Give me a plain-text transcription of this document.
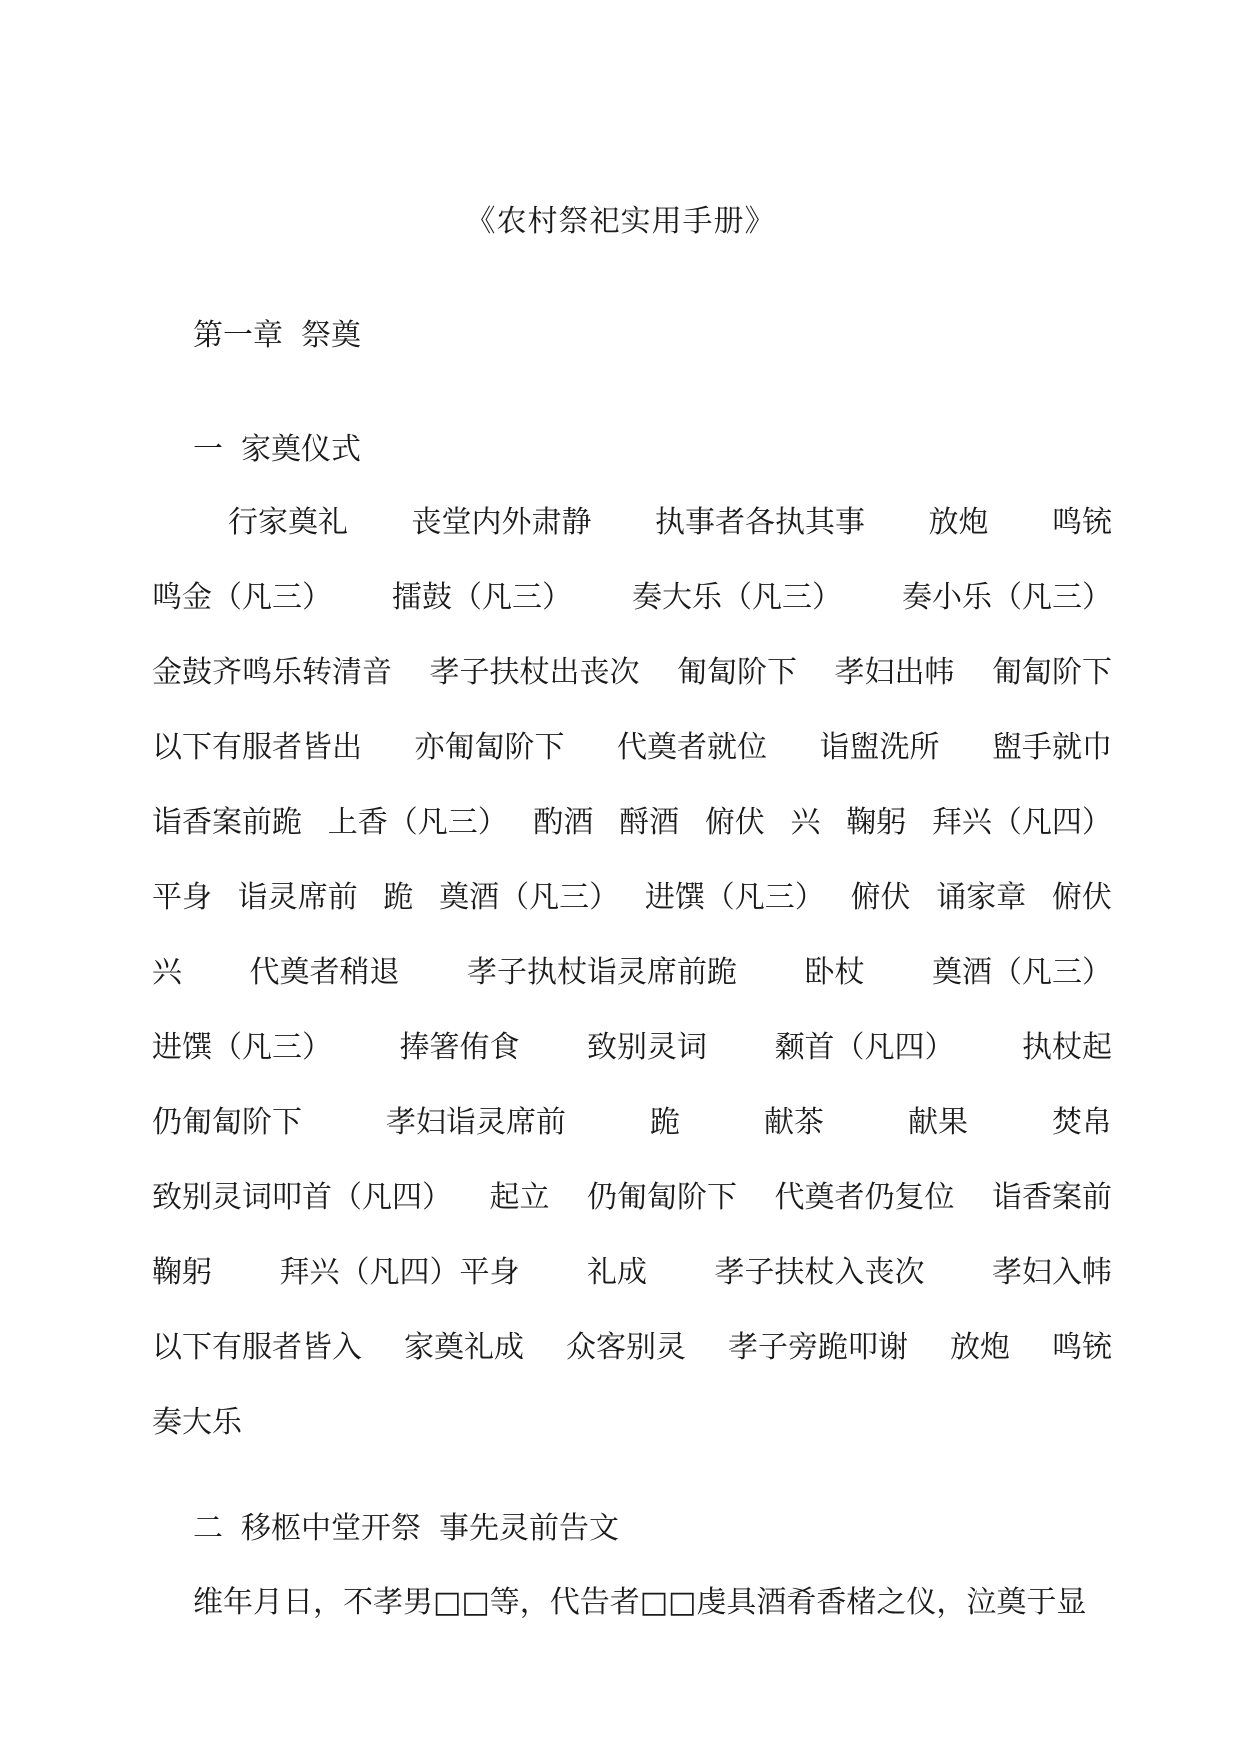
《农村祭祀实用手册》
第一章 祭奠
一 家奠仪式
行家奠礼 丧堂内外肃静 执事者各执其事 放炮 鸣铳
鸣金（凡三） 擂鼓（凡三） 奏大乐（凡三） 奏小乐（凡三）
金鼓齐鸣乐转清音 孝子扶杖出丧次 匍匐阶下 孝妇出帏 匍匐阶下
以下有服者皆出 亦匍匐阶下 代奠者就位 诣盥洗所 盥手就巾
诣香案前跪 上香（凡三） 酌酒 酹酒 俯伏 兴 鞠躬 拜兴（凡四）
平身 诣灵席前 跪 奠酒（凡三） 进馔（凡三） 俯伏 诵家章 俯伏
兴 代奠者稍退 孝子执杖诣灵席前跪 卧杖 奠酒（凡三）
进馔（凡三） 捧箸侑食 致别灵词 颡首（凡四） 执杖起
仍匍匐阶下	孝妇诣灵席前	跪	献茶	献果	焚帛
致别灵词叩首（凡四） 起立 仍匍匐阶下 代奠者仍复位 诣香案前
鞠躬 拜兴（凡四）平身 礼成 孝子扶杖入丧次 孝妇入帏
以下有服者皆入 家奠礼成 众客别灵 孝子旁跪叩谢 放炮 鸣铳
奏大乐
二 移柩中堂开祭 事先灵前告文
维年月日，不孝男□□等，代告者□□虔具酒肴香楮之仪，泣奠于显
